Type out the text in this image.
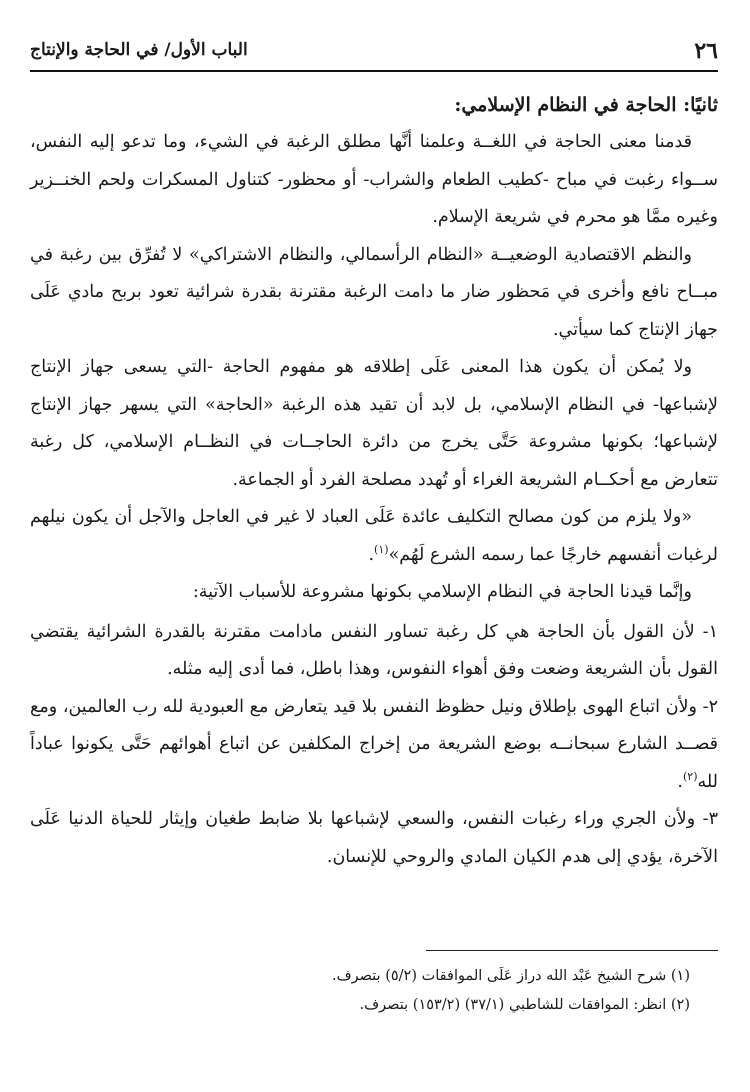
٢٦
الباب الأول/ في الحاجة والإنتاج

ثانيًا: الحاجة في النظام الإسلامي:

قدمنا معنى الحاجة في اللغــة وعلمنا أنَّها مطلق الرغبة في الشيء، وما تدعو إليه النفس، ســواء رغبت في مباح -كطيب الطعام والشراب- أو محظور- كتناول المسكرات ولحم الخنــزير وغيره ممَّا هو محرم في شريعة الإسلام.

والنظم الاقتصادية الوضعيــة «النظام الرأسمالي، والنظام الاشتراكي» لا تُفرِّق بين رغبة في مبــاح نافع وأخرى في مَحظور ضار ما دامت الرغبة مقترنة بقدرة شرائية تعود بربح مادي عَلَى جهاز الإنتاج كما سيأتي.

ولا يُمكن أن يكون هذا المعنى عَلَى إطلاقه هو مفهوم الحاجة -التي يسعى جهاز الإنتاج لإشباعها- في النظام الإسلامي، بل لابد أن تقيد هذه الرغبة «الحاجة» التي يسهر جهاز الإنتاج لإشباعها؛ بكونها مشروعة حَتَّى يخرج من دائرة الحاجــات في النظــام الإسلامي، كل رغبة تتعارض مع أحكــام الشريعة الغراء أو تُهدد مصلحة الفرد أو الجماعة.

«ولا يلزم من كون مصالح التكليف عائدة عَلَى العباد لا غير في العاجل والآجل أن يكون نيلهم لرغبات أنفسهم خارجًا عما رسمه الشرع لَهُم»$^{(١)}$.

وإنَّما قيدنا الحاجة في النظام الإسلامي بكونها مشروعة للأسباب الآتية:

١- لأن القول بأن الحاجة هي كل رغبة تساور النفس مادامت مقترنة بالقدرة الشرائية يقتضي القول بأن الشريعة وضعت وفق أهواء النفوس، وهذا باطل، فما أدى إليه مثله.

٢- ولأن اتباع الهوى بإطلاق ونيل حظوظ النفس بلا قيد يتعارض مع العبودية لله رب العالمين، ومع قصــد الشارع سبحانــه بوضع الشريعة من إخراج المكلفين عن اتباع أهوائهم حَتَّى يكونوا عباداً لله$^{(٢)}$.

٣- ولأن الجري وراء رغبات النفس، والسعي لإشباعها بلا ضابط طغيان وإيثار للحياة الدنيا عَلَى الآخرة، يؤدي إلى هدم الكيان المادي والروحي للإنسان.

(١) شرح الشيخ عَبْد الله دراز عَلَى الموافقات (٥/٢) بتصرف.

(٢) انظر: الموافقات للشاطبي (٣٧/١) (١٥٣/٢) بتصرف.
